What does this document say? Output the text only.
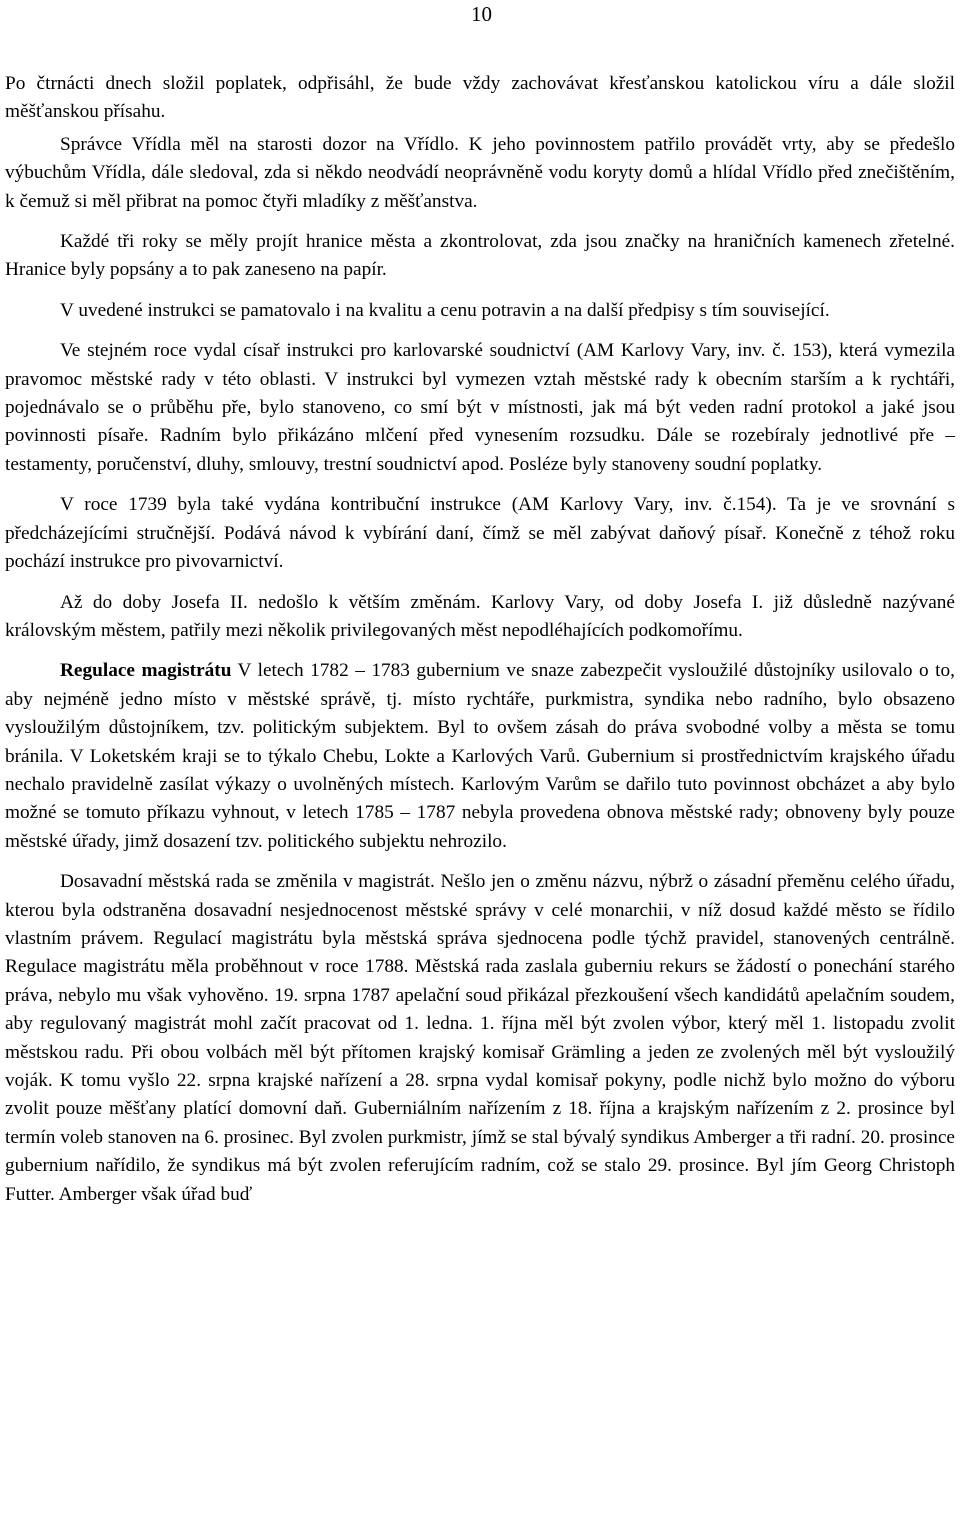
10

Po čtrnácti dnech složil poplatek, odpřisáhl, že bude vždy zachovávat křesťanskou katolickou víru a dále složil měšťanskou přísahu.

Správce Vřídla měl na starosti dozor na Vřídlo. K jeho povinnostem patřilo provádět vrty, aby se předešlo výbuchům Vřídla, dále sledoval, zda si někdo neodvádí neoprávněně vodu koryty domů a hlídal Vřídlo před znečištěním, k čemuž si měl přibrat na pomoc čtyři mladíky z měšťanstva.

Každé tři roky se měly projít hranice města a zkontrolovat, zda jsou značky na hraničních kamenech zřetelné. Hranice byly popsány a to pak zaneseno na papír.

V uvedené instrukci se pamatovalo i na kvalitu a cenu potravin a na další předpisy s tím související.

Ve stejném roce vydal císař instrukci pro karlovarské soudnictví (AM Karlovy Vary, inv. č. 153), která vymezila pravomoc městské rady v této oblasti. V instrukci byl vymezen vztah městské rady k obecním starším a k rychtáři, pojednávalo se o průběhu pře, bylo stanoveno, co smí být v místnosti, jak má být veden radní protokol a jaké jsou povinnosti písaře. Radním bylo přikázáno mlčení před vynesením rozsudku. Dále se rozebíraly jednotlivé pře – testamenty, poručenství, dluhy, smlouvy, trestní soudnictví apod. Posléze byly stanoveny soudní poplatky.

V roce 1739 byla také vydána kontribuční instrukce (AM Karlovy Vary, inv. č.154). Ta je ve srovnání s předcházejícími stručnější. Podává návod k vybírání daní, čímž se měl zabývat daňový písař. Konečně z téhož roku pochází instrukce pro pivovarnictví.

Až do doby Josefa II. nedošlo k větším změnám. Karlovy Vary, od doby Josefa I. již důsledně nazývané královským městem, patřily mezi několik privilegovaných měst nepodléhajících podkomořímu.

Regulace magistrátu V letech 1782 – 1783 gubernium ve snaze zabezpečit vysloužilé důstojníky usilovalo o to, aby nejméně jedno místo v městské správě, tj. místo rychtáře, purkmistra, syndika nebo radního, bylo obsazeno vysloužilým důstojníkem, tzv. politickým subjektem. Byl to ovšem zásah do práva svobodné volby a města se tomu bránila. V Loketském kraji se to týkalo Chebu, Lokte a Karlových Varů. Gubernium si prostřednictvím krajského úřadu nechalo pravidelně zasílat výkazy o uvolněných místech. Karlovým Varům se dařilo tuto povinnost obcházet a aby bylo možné se tomuto příkazu vyhnout, v letech 1785 – 1787 nebyla provedena obnova městské rady; obnoveny byly pouze městské úřady, jimž dosazení tzv. politického subjektu nehrozilo.

Dosavadní městská rada se změnila v magistrát. Nešlo jen o změnu názvu, nýbrž o zásadní přeměnu celého úřadu, kterou byla odstraněna dosavadní nesjednocenost městské správy v celé monarchii, v níž dosud každé město se řídilo vlastním právem. Regulací magistrátu byla městská správa sjednocena podle týchž pravidel, stanovených centrálně. Regulace magistrátu měla proběhnout v roce 1788. Městská rada zaslala guberniu rekurs se žádostí o ponechání starého práva, nebylo mu však vyhověno. 19. srpna 1787 apelační soud přikázal přezkoušení všech kandidátů apelačním soudem, aby regulovaný magistrát mohl začít pracovat od 1. ledna. 1. října měl být zvolen výbor, který měl 1. listopadu zvolit městskou radu. Při obou volbách měl být přítomen krajský komisař Grämling a jeden ze zvolených měl být vysloužilý voják. K tomu vyšlo 22. srpna krajské nařízení a 28. srpna vydal komisař pokyny, podle nichž bylo možno do výboru zvolit pouze měšťany platící domovní daň. Guberniálním nařízením z 18. října a krajským nařízením z 2. prosince byl termín voleb stanoven na 6. prosinec. Byl zvolen purkmistr, jímž se stal bývalý syndikus Amberger a tři radní. 20. prosince gubernium nařídilo, že syndikus má být zvolen referujícím radním, což se stalo 29. prosince. Byl jím Georg Christoph Futter. Amberger však úřad buď
